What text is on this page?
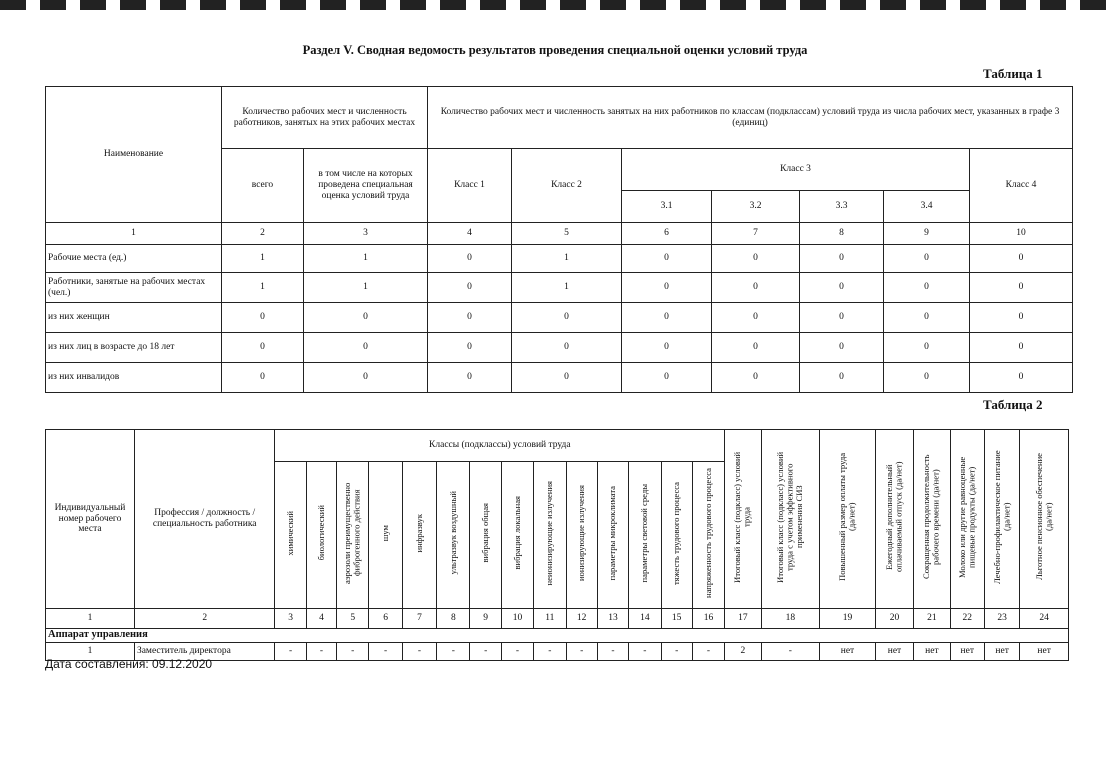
Раздел V. Сводная ведомость результатов проведения специальной оценки условий труда
Таблица 1
Наименование	Количество рабочих мест и численность работников, занятых на этих рабочих местах		Количество рабочих мест и численность занятых на них работников по классам (подклассам) условий труда из числа рабочих мест, указанных в графе 3 (единиц)						
	всего	в том числе на которых проведена специальная оценка условий труда	Класс 1	Класс 2	Класс 3				Класс 4
					3.1	3.2	3.3	3.4	
1	2	3	4	5	6	7	8	9	10
Рабочие места (ед.)	1	1	0	1	0	0	0	0	0
Работники, занятые на рабочих местах (чел.)	1	1	0	1	0	0	0	0	0
из них женщин	0	0	0	0	0	0	0	0	0
из них лиц в возрасте до 18 лет	0	0	0	0	0	0	0	0	0
из них инвалидов	0	0	0	0	0	0	0	0	0
Таблица 2
Индивидуальный номер рабочего места	Профессия / должность / специальность работника	Классы (подклассы) условий труда														Итоговый класс (подкласс) условий труда	Итоговый класс (подкласс) условий труда с учетом эффективного применения СИЗ	Повышенный размер оплаты труда (да/нет)	Ежегодный дополнительный оплачиваемый отпуск (да/нет)	Сокращенная продолжительность рабочего времени (да/нет)	Молоко или другие равноценные пищевые продукты (да/нет)	Лечебно-профилактическое питание (да/нет)	Льготное пенсионное обеспечение (да/нет)
		химический	биологический	аэрозоли преимущественно фиброгенного действия	шум	инфразвук	ультразвук воздушный	вибрация общая	вибрация локальная	неионизирующие излучения	ионизирующие излучения	параметры микроклимата	параметры световой среды	тяжесть трудового процесса	напряженность трудового процесса								
1	2	3	4	5	6	7	8	9	10	11	12	13	14	15	16	17	18	19	20	21	22	23	24
Аппарат управления																							
1	Заместитель директора	-	-	-	-	-	-	-	-	-	-	-	-	-	-	2	-	нет	нет	нет	нет	нет	нет
Дата составления: 09.12.2020
